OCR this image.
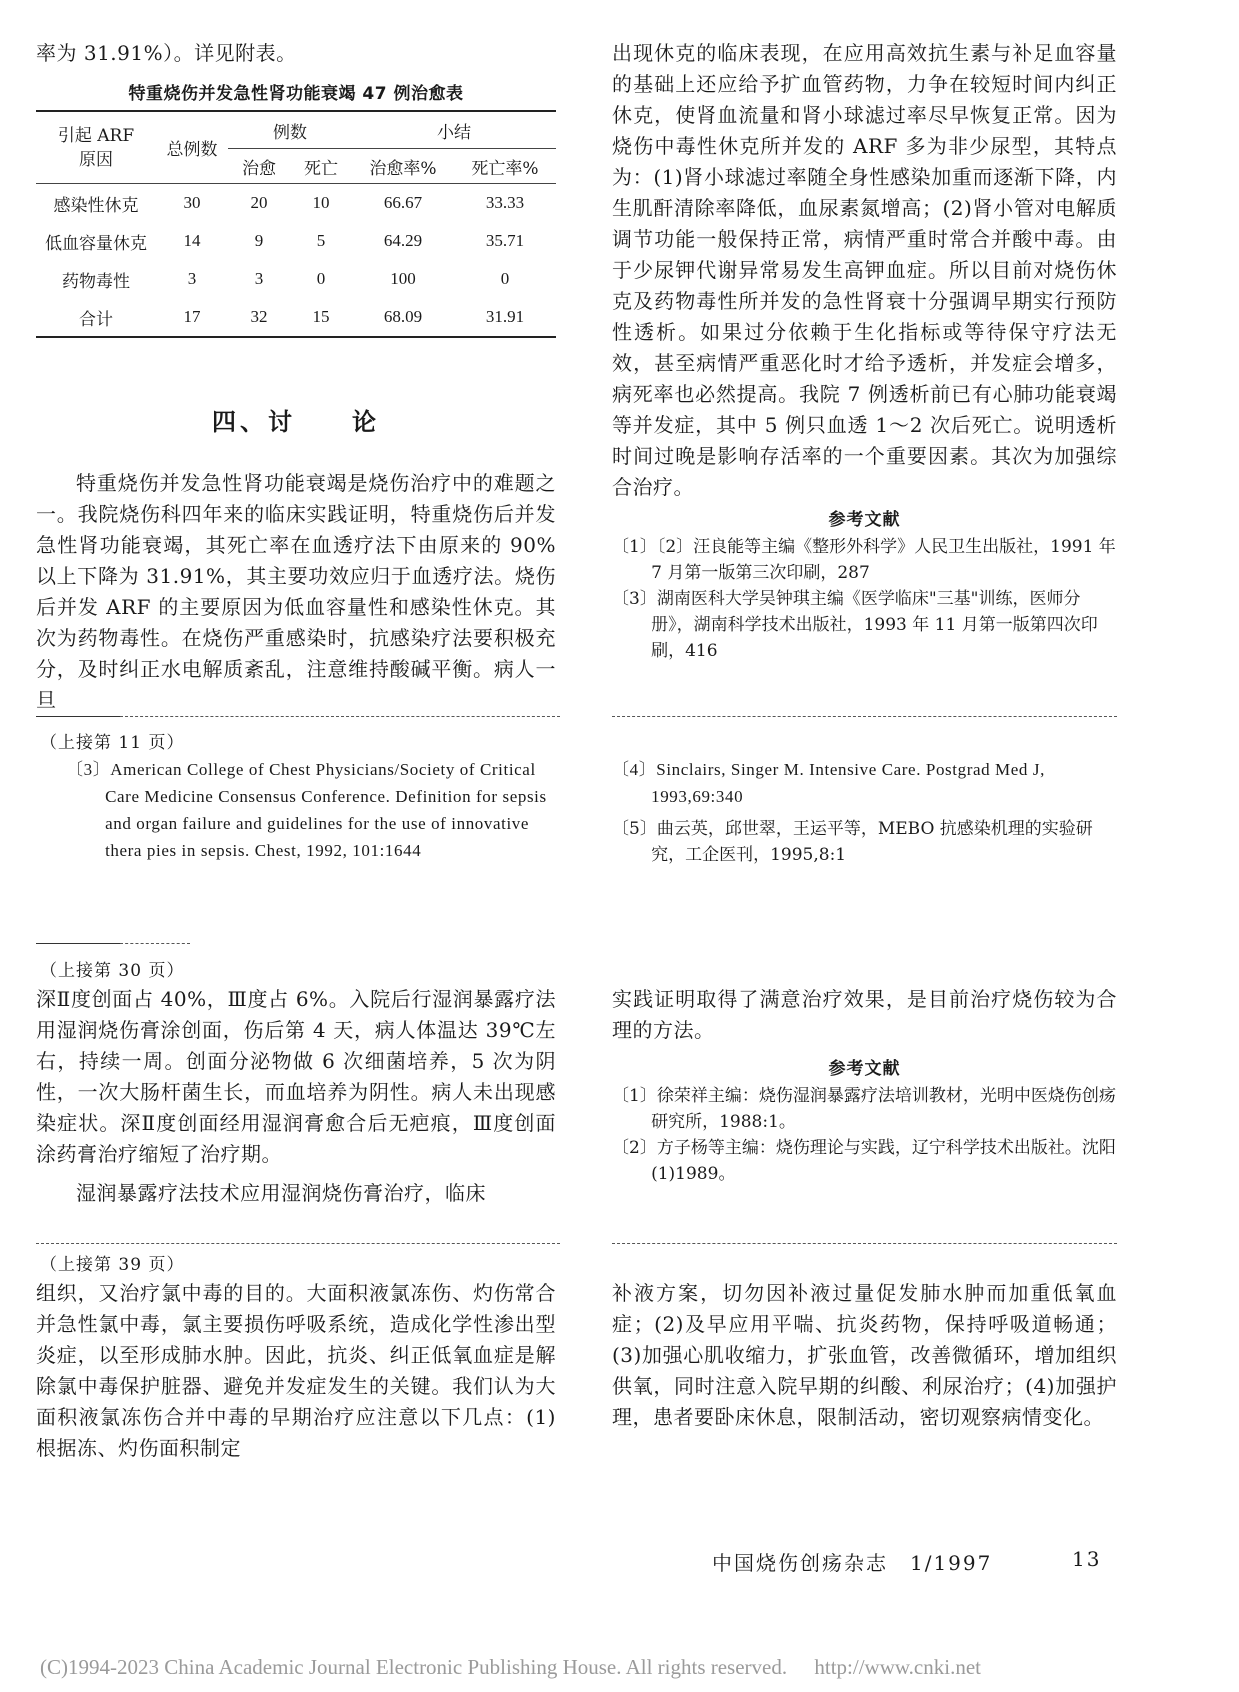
率为 31.91%）。详见附表。

特重烧伤并发急性肾功能衰竭 47 例治愈表
引起 ARF
原因	总例数	例数		小结	
		治愈	死亡	治愈率%	死亡率%
感染性休克	30	20	10	66.67	33.33
低血容量休克	14	9	5	64.29	35.71
药物毒性	3	3	0	100	0
合计	17	32	15	68.09	31.91
四、讨　　论

特重烧伤并发急性肾功能衰竭是烧伤治疗中的难题之一。我院烧伤科四年来的临床实践证明，特重烧伤后并发急性肾功能衰竭，其死亡率在血透疗法下由原来的 90%以上下降为 31.91%，其主要功效应归于血透疗法。烧伤后并发 ARF 的主要原因为低血容量性和感染性休克。其次为药物毒性。在烧伤严重感染时，抗感染疗法要积极充分，及时纠正水电解质紊乱，注意维持酸碱平衡。病人一旦

出现休克的临床表现，在应用高效抗生素与补足血容量的基础上还应给予扩血管药物，力争在较短时间内纠正休克，使肾血流量和肾小球滤过率尽早恢复正常。因为烧伤中毒性休克所并发的 ARF 多为非少尿型，其特点为：(1)肾小球滤过率随全身性感染加重而逐渐下降，内生肌酐清除率降低，血尿素氮增高；(2)肾小管对电解质调节功能一般保持正常，病情严重时常合并酸中毒。由于少尿钾代谢异常易发生高钾血症。所以目前对烧伤休克及药物毒性所并发的急性肾衰十分强调早期实行预防性透析。如果过分依赖于生化指标或等待保守疗法无效，甚至病情严重恶化时才给予透析，并发症会增多，病死率也必然提高。我院 7 例透析前已有心肺功能衰竭等并发症，其中 5 例只血透 1～2 次后死亡。说明透析时间过晚是影响存活率的一个重要因素。其次为加强综合治疗。

参考文献

〔1〕〔2〕汪良能等主编《整形外科学》人民卫生出版社，1991 年 7 月第一版第三次印刷，287

〔3〕湖南医科大学吴钟琪主编《医学临床"三基"训练，医师分册》，湖南科学技术出版社，1993 年 11 月第一版第四次印刷，416

（上接第 11 页）

〔3〕American College of Chest Physicians/Society of Critical Care Medicine Consensus Conference. Definition for sepsis and organ failure and guidelines for the use of innovative thera pies in sepsis. Chest, 1992, 101:1644

〔4〕Sinclairs, Singer M. Intensive Care. Postgrad Med J, 1993,69:340

〔5〕曲云英，邱世翠，王运平等，MEBO 抗感染机理的实验研究，工企医刊，1995,8:1

（上接第 30 页）

深Ⅱ度创面占 40%，Ⅲ度占 6%。入院后行湿润暴露疗法用湿润烧伤膏涂创面，伤后第 4 天，病人体温达 39℃左右，持续一周。创面分泌物做 6 次细菌培养，5 次为阴性，一次大肠杆菌生长，而血培养为阴性。病人未出现感染症状。深Ⅱ度创面经用湿润膏愈合后无疤痕，Ⅲ度创面涂药膏治疗缩短了治疗期。

湿润暴露疗法技术应用湿润烧伤膏治疗，临床

实践证明取得了满意治疗效果，是目前治疗烧伤较为合理的方法。

参考文献

〔1〕徐荣祥主编：烧伤湿润暴露疗法培训教材，光明中医烧伤创疡研究所，1988:1。

〔2〕方子杨等主编：烧伤理论与实践，辽宁科学技术出版社。沈阳(1)1989。

（上接第 39 页）

组织，又治疗氯中毒的目的。大面积液氯冻伤、灼伤常合并急性氯中毒，氯主要损伤呼吸系统，造成化学性渗出型炎症，以至形成肺水肿。因此，抗炎、纠正低氧血症是解除氯中毒保护脏器、避免并发症发生的关键。我们认为大面积液氯冻伤合并中毒的早期治疗应注意以下几点：(1)根据冻、灼伤面积制定

补液方案，切勿因补液过量促发肺水肿而加重低氧血症；(2)及早应用平喘、抗炎药物，保持呼吸道畅通；(3)加强心肌收缩力，扩张血管，改善微循环，增加组织供氧，同时注意入院早期的纠酸、利尿治疗；(4)加强护理，患者要卧床休息，限制活动，密切观察病情变化。

中国烧伤创疡杂志　1/1997	13
(C)1994-2023 China Academic Journal Electronic Publishing House. All rights reserved. http://www.cnki.net
